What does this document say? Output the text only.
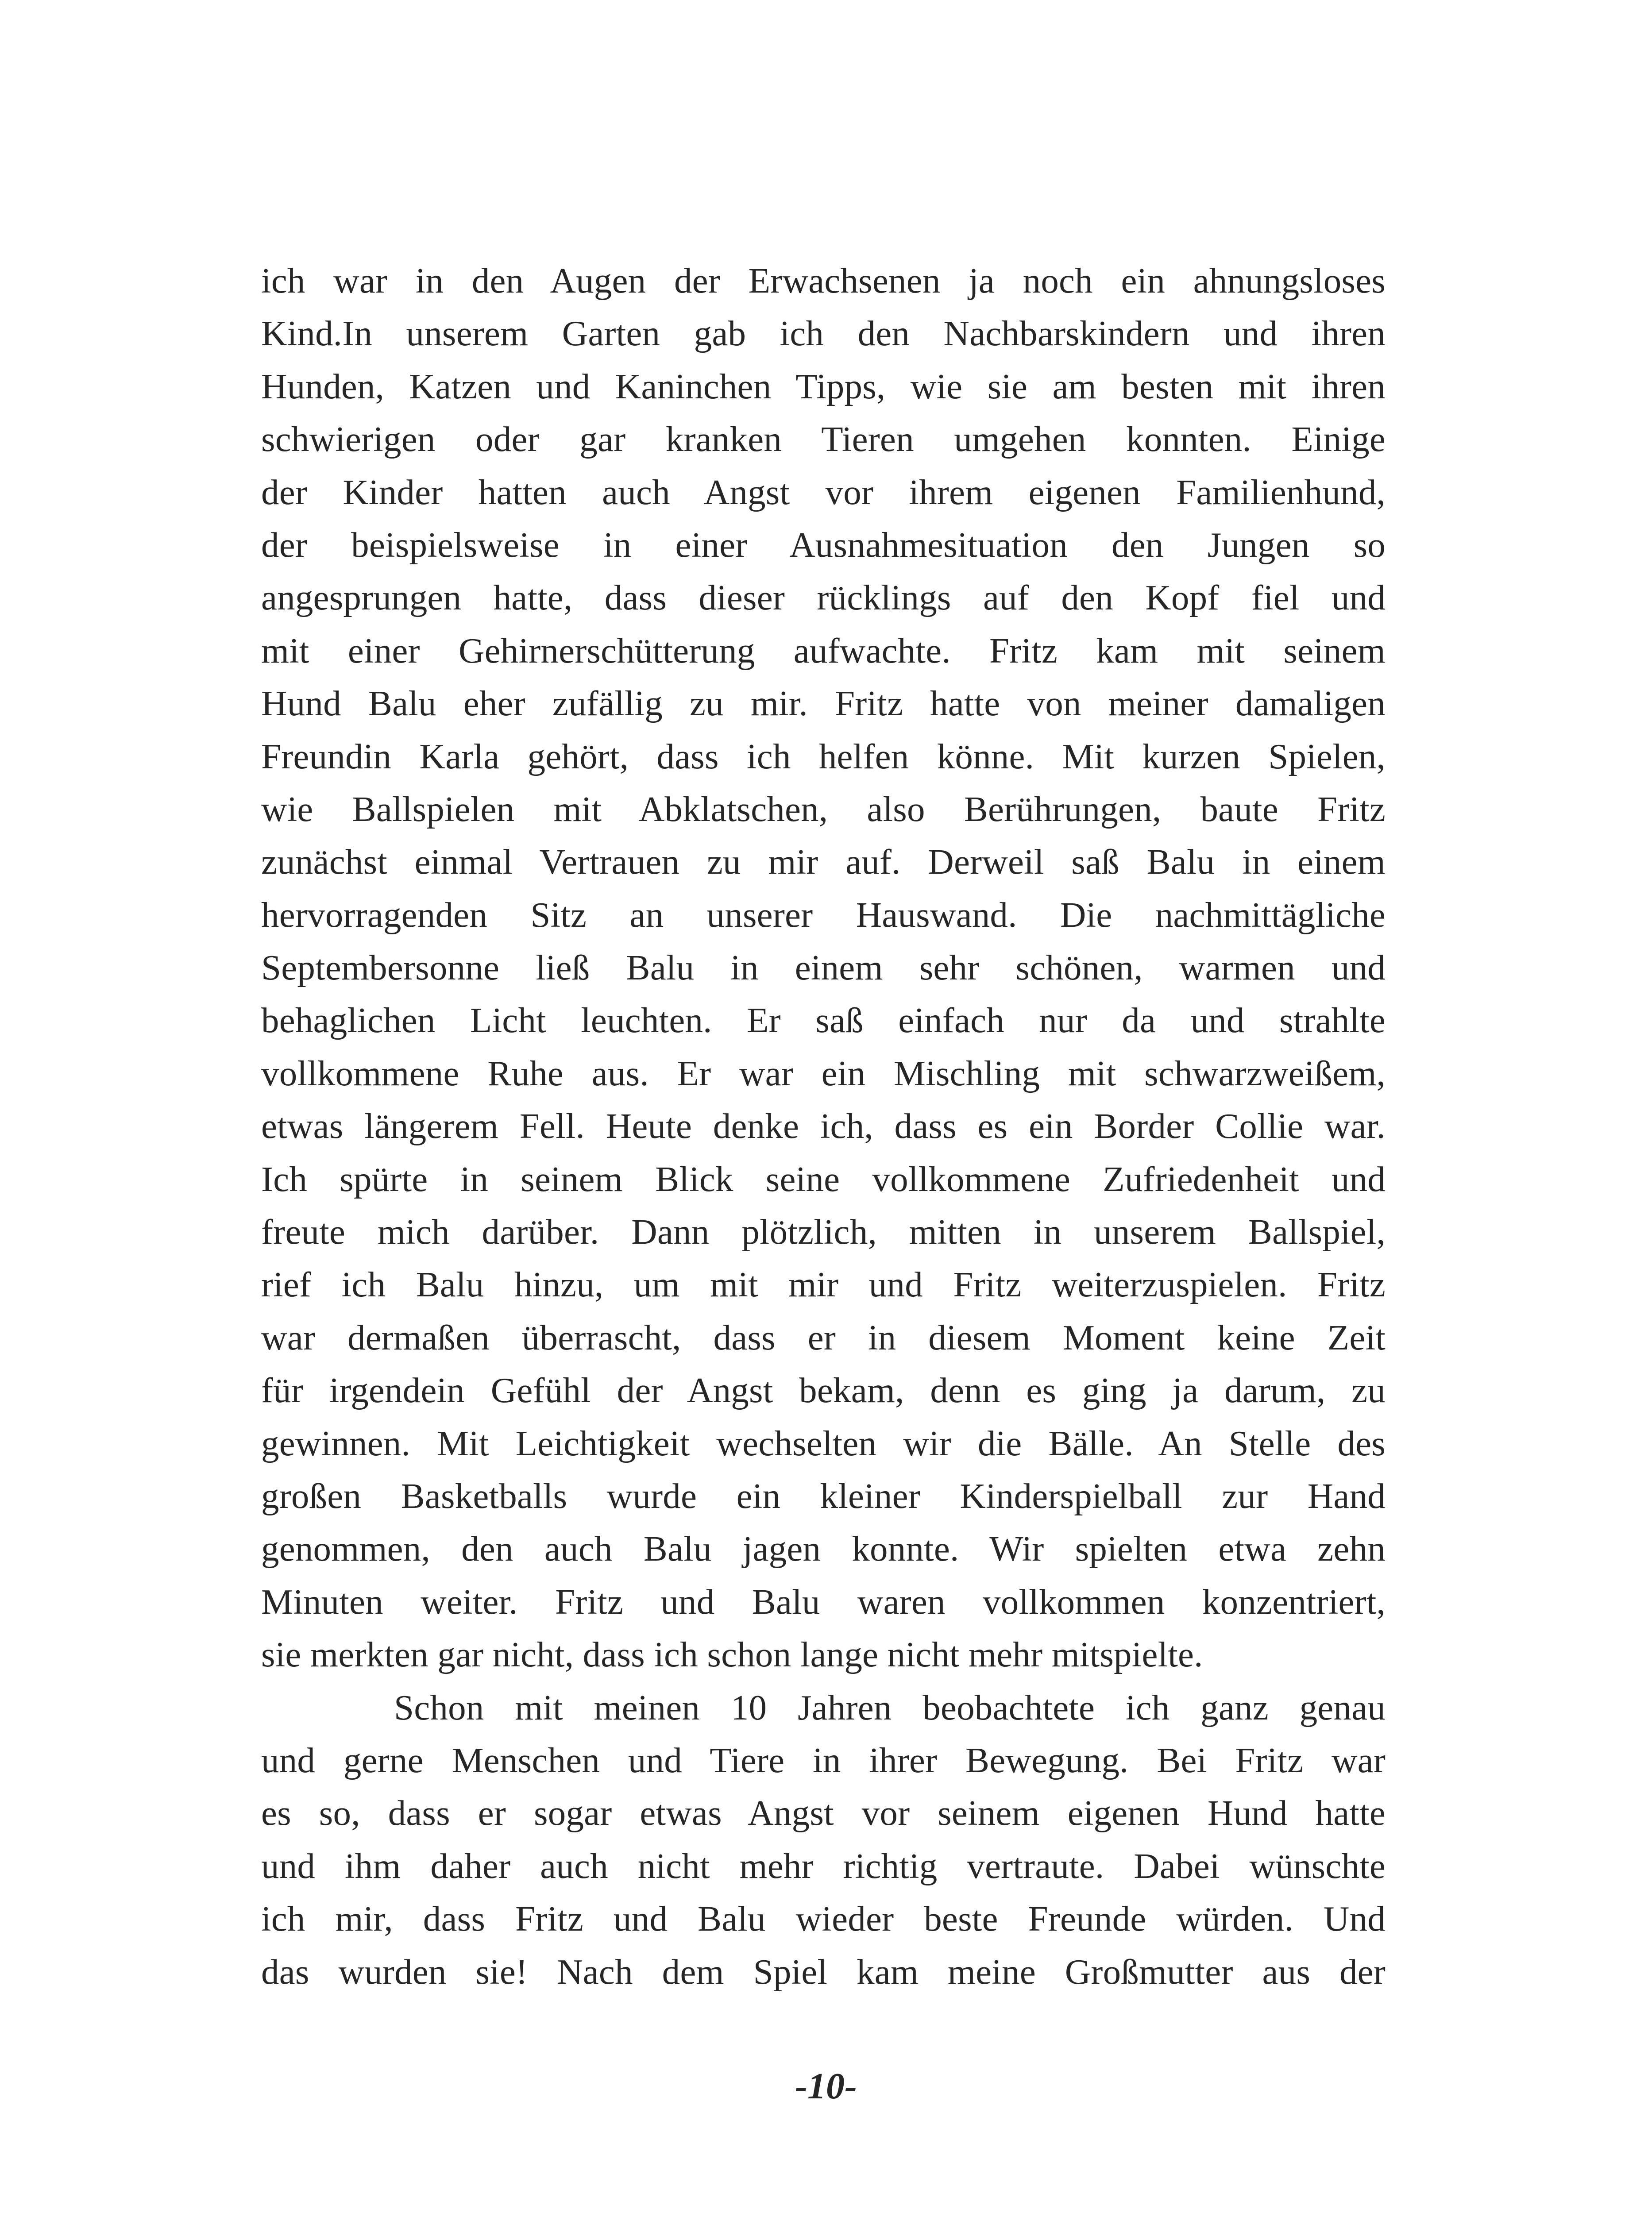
ich war in den Augen der Erwachsenen ja noch ein ahnungsloses
Kind.In unserem Garten gab ich den Nachbarskindern und ihren
Hunden, Katzen und Kaninchen Tipps, wie sie am besten mit ihren
schwierigen oder gar kranken Tieren umgehen konnten. Einige
der Kinder hatten auch Angst vor ihrem eigenen Familienhund,
der beispielsweise in einer Ausnahmesituation den Jungen so
angesprungen hatte, dass dieser rücklings auf den Kopf fiel und
mit einer Gehirnerschütterung aufwachte. Fritz kam mit seinem
Hund Balu eher zufällig zu mir. Fritz hatte von meiner damaligen
Freundin Karla gehört, dass ich helfen könne. Mit kurzen Spielen,
wie Ballspielen mit Abklatschen, also Berührungen, baute Fritz
zunächst einmal Vertrauen zu mir auf. Derweil saß Balu in einem
hervorragenden Sitz an unserer Hauswand. Die nachmittägliche
Septembersonne ließ Balu in einem sehr schönen, warmen und
behaglichen Licht leuchten. Er saß einfach nur da und strahlte
vollkommene Ruhe aus. Er war ein Mischling mit schwarzweißem,
etwas längerem Fell. Heute denke ich, dass es ein Border Collie war.
Ich spürte in seinem Blick seine vollkommene Zufriedenheit und
freute mich darüber. Dann plötzlich, mitten in unserem Ballspiel,
rief ich Balu hinzu, um mit mir und Fritz weiterzuspielen. Fritz
war dermaßen überrascht, dass er in diesem Moment keine Zeit
für irgendein Gefühl der Angst bekam, denn es ging ja darum, zu
gewinnen. Mit Leichtigkeit wechselten wir die Bälle. An Stelle des
großen Basketballs wurde ein kleiner Kinderspielball zur Hand
genommen, den auch Balu jagen konnte. Wir spielten etwa zehn
Minuten weiter. Fritz und Balu waren vollkommen konzentriert,
sie merkten gar nicht, dass ich schon lange nicht mehr mitspielte.
Schon mit meinen 10 Jahren beobachtete ich ganz genau
und gerne Menschen und Tiere in ihrer Bewegung. Bei Fritz war
es so, dass er sogar etwas Angst vor seinem eigenen Hund hatte
und ihm daher auch nicht mehr richtig vertraute. Dabei wünschte
ich mir, dass Fritz und Balu wieder beste Freunde würden. Und
das wurden sie! Nach dem Spiel kam meine Großmutter aus der
-10-
